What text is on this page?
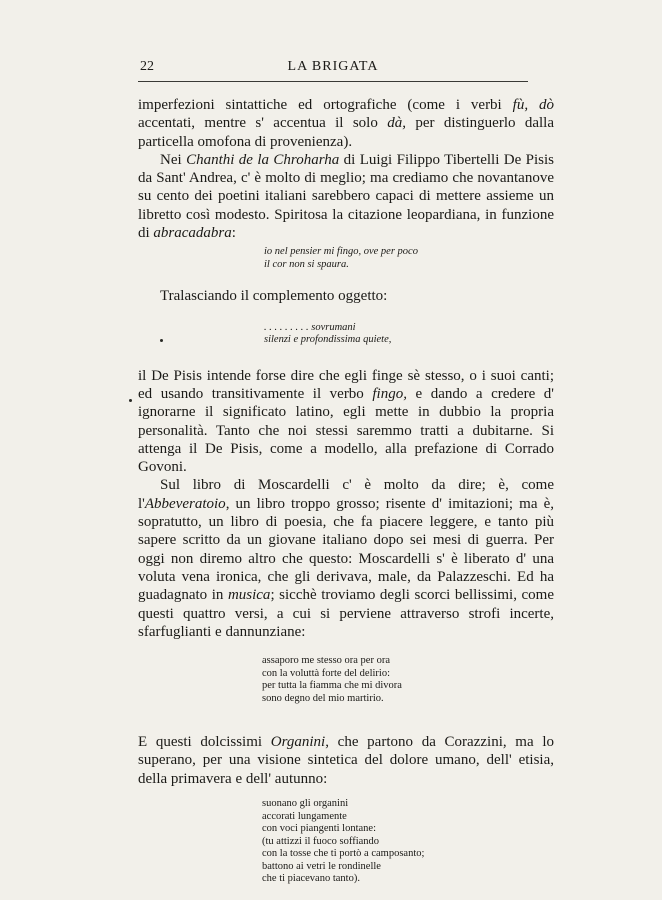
22	LA BRIGATA

imperfezioni sintattiche ed ortografiche (come i verbi fù, dò accentati, mentre s' accentua il solo dà, per distinguerlo dalla particella omofona di provenienza).

Nei Chanthi de la Chroharha di Luigi Filippo Tibertelli De Pisis da Sant' Andrea, c' è molto di meglio; ma crediamo che novantanove su cento dei poetini italiani sarebbero capaci di mettere assieme un libretto così modesto. Spiritosa la citazione leopardiana, in funzione di abracadabra:

io nel pensier mi fingo, ove per poco
il cor non si spaura.

Tralasciando il complemento oggetto:

. . . . . . . . . sovrumani
silenzi e profondissima quiete,

il De Pisis intende forse dire che egli finge sè stesso, o i suoi canti; ed usando transitivamente il verbo fingo, e dando a credere d' ignorarne il significato latino, egli mette in dubbio la propria personalità. Tanto che noi stessi saremmo tratti a dubitarne. Si attenga il De Pisis, come a modello, alla prefazione di Corrado Govoni.

Sul libro di Moscardelli c' è molto da dire; è, come l'Abbeveratoio, un libro troppo grosso; risente d' imitazioni; ma è, sopratutto, un libro di poesia, che fa piacere leggere, e tanto più sapere scritto da un giovane italiano dopo sei mesi di guerra. Per oggi non diremo altro che questo: Moscardelli s' è liberato d' una voluta vena ironica, che gli derivava, male, da Palazzeschi. Ed ha guadagnato in musica; sicchè troviamo degli scorci bellissimi, come questi quattro versi, a cui si perviene attraverso strofi incerte, sfarfuglianti e dannunziane:

assaporo me stesso ora per ora
con la voluttà forte del delirio:
per tutta la fiamma che mi divora
sono degno del mio martirio.

E questi dolcissimi Organini, che partono da Corazzini, ma lo superano, per una visione sintetica del dolore umano, dell' etisia, della primavera e dell' autunno:

suonano gli organini
accorati lungamente
con voci piangenti lontane:
(tu attizzi il fuoco soffiando
con la tosse che ti portò a camposanto;
battono ai vetri le rondinelle
che ti piacevano tanto).
